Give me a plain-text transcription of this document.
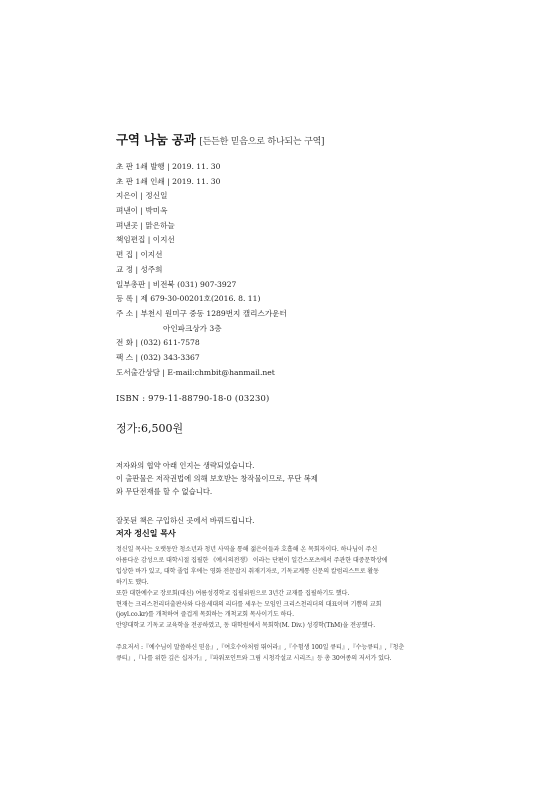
구역 나눔 공과 [든든한 믿음으로 하나되는 구역]
초 판 1쇄 발행 | 2019. 11. 30
초 판 1쇄 인쇄 | 2019. 11. 30
지은이 | 정신일
펴낸이 | 박미옥
펴낸곳 | 맑은하늘
책임편집 | 이지선
편 집 | 이지선
교 정 | 성주희
일부총판 | 비전북 (031) 907-3927
등 록 | 제 679-30-00201호(2016. 8. 11)
주 소 | 부천시 원미구 중동 1289번지 캘리스가운터
아인파크상가 3층
전 화 | (032) 611-7578
팩 스 | (032) 343-3367
도서출간상담 | E-mail:chmbit@hanmail.net
ISBN : 979-11-88790-18-0 (03230)
정가:6,500원

저자와의 협약 아래 인지는 생략되었습니다.

이 출판물은 저작권법에 의해 보호받는 창작물이므로, 무단 복제

와 무단전재를 할 수 없습니다.

잘못된 책은 구입하신 곳에서 바꿔드립니다.
저자 정신일 목사

정신일 목사는 오랫동안 청소년과 청년 사역을 통해 젊은이들과 호흡해 온 목회자이다. 하나님이 주신

아름다운 감성으로 대학시절 집필한 《예시의전쟁》 이라는 단편이 일간스포츠에서 주관한 대중문학상에

입상한 바가 있고, 대학 졸업 후에는 영화 전문잡지 취재기자로, 기독교계통 신문의 칼럼리스트로 활동

하기도 했다.

또한 대한예수교 장로회(대신) 여름성경학교 집필위원으로 3년간 교재를 집필하기도 했다.

현재는 크리스천리더출판사와 다음세대의 리더를 세우는 모임인 크리스천리더의 대표이며 기쁨의 교회

(joyl.co.kr)를 개척하여 즐겁게 목회하는 개척교회 목사이기도 하다.

안양대학교 기독교 교육학을 전공하였고, 동 대학원에서 목회학(M. Div.) 성경학(ThM)을 전공했다.

주요저서 :『예수님이 말씀하신 믿음』,『여호수아처럼 뛰어라』,『수험생 100일 큐티』,『수능큐티』,『청춘
큐티』,『나를 위한 깊은 십자가』,『파워포인트와 그림 시청각설교 시리즈』등 총 30여종의 저서가 있다.
